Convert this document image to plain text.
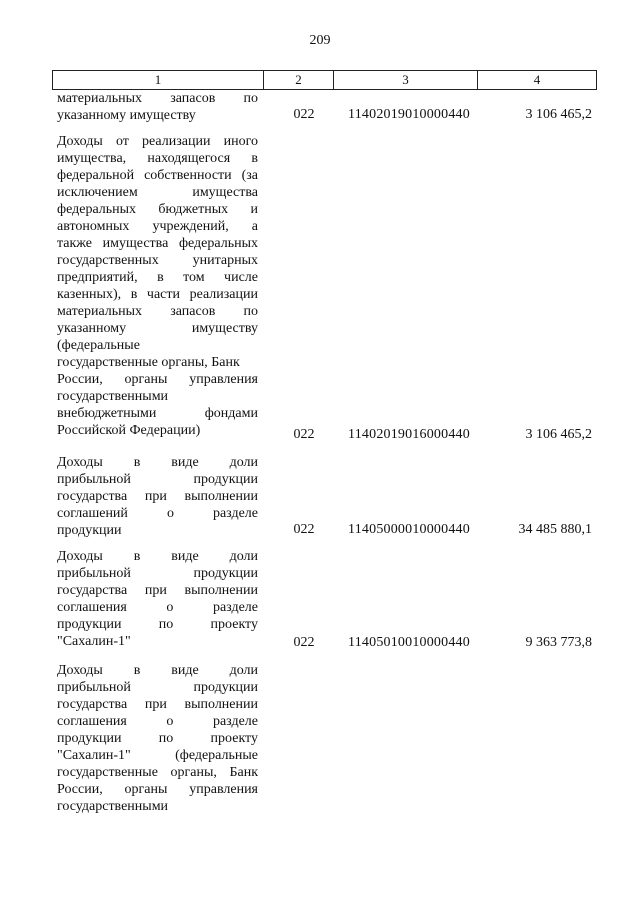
209
1	2	3	4
материальных запасов по
указанному имуществу	022	11402019010000440	3 106 465,2
Доходы от реализации иного
имущества, находящегося в
федеральной собственности (за
исключением имущества
федеральных бюджетных и
автономных учреждений, а
также имущества федеральных
государственных унитарных
предприятий, в том числе
казенных), в части реализации
материальных запасов по
указанному имуществу
(федеральные
государственные органы, Банк
России, органы управления
государственными
внебюджетными фондами
Российской Федерации)	022	11402019016000440	3 106 465,2
Доходы в виде доли
прибыльной продукции
государства при выполнении
соглашений о разделе
продукции	022	11405000010000440	34 485 880,1
Доходы в виде доли
прибыльной продукции
государства при выполнении
соглашения о разделе
продукции по проекту
"Сахалин-1"	022	11405010010000440	9 363 773,8
Доходы в виде доли
прибыльной продукции
государства при выполнении
соглашения о разделе
продукции по проекту
"Сахалин-1" (федеральные
государственные органы, Банк
России, органы управления
государственными
